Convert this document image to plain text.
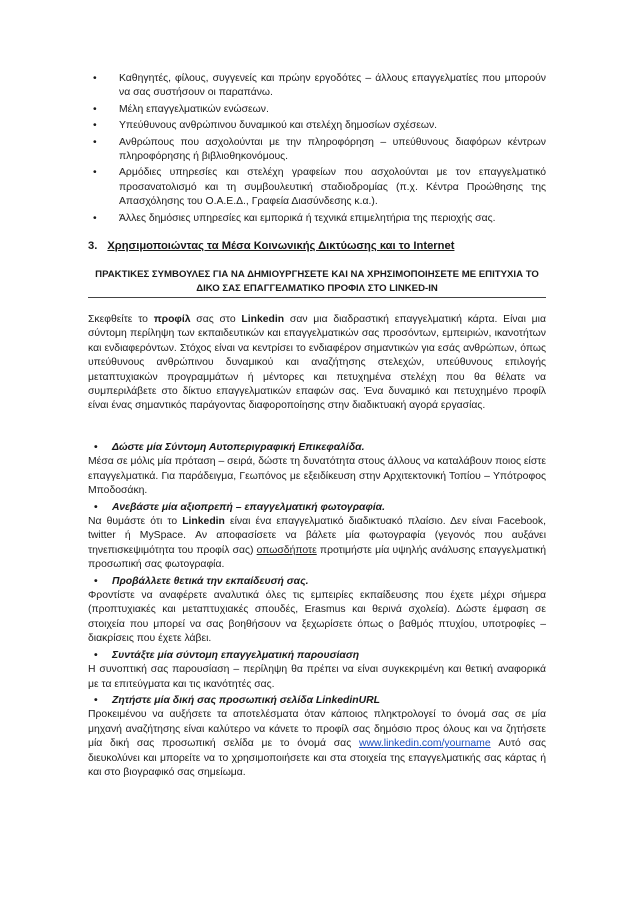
• Καθηγητές, φίλους, συγγενείς και πρώην εργοδότες – άλλους επαγγελματίες που μπορούν να σας συστήσουν οι παραπάνω.
• Μέλη επαγγελματικών ενώσεων.
• Υπεύθυνους ανθρώπινου δυναμικού και στελέχη δημοσίων σχέσεων.
• Ανθρώπους που ασχολούνται με την πληροφόρηση – υπεύθυνους διαφόρων κέντρων πληροφόρησης ή βιβλιοθηκονόμους.
• Αρμόδιες υπηρεσίες και στελέχη γραφείων που ασχολούνται με τον επαγγελματικό προσανατολισμό και τη συμβουλευτική σταδιοδρομίας (π.χ. Κέντρα Προώθησης της Απασχόλησης του Ο.Α.Ε.Δ., Γραφεία Διασύνδεσης κ.α.).
• Άλλες δημόσιες υπηρεσίες και εμπορικά ή τεχνικά επιμελητήρια της περιοχής σας.
3. Χρησιμοποιώντας τα Μέσα Κοινωνικής Δικτύωσης και το Internet
ΠΡΑΚΤΙΚΕΣ ΣΥΜΒΟΥΛΕΣ ΓΙΑ ΝΑ ΔΗΜΙΟΥΡΓΗΣΕΤΕ ΚΑΙ ΝΑ ΧΡΗΣΙΜΟΠΟΙΗΣΕΤΕ ΜΕ ΕΠΙΤΥΧΙΑ ΤΟ ΔΙΚΟ ΣΑΣ ΕΠΑΓΓΕΛΜΑΤΙΚΟ ΠΡΟΦΙΛ ΣΤΟ LINKED-IN
Σκεφθείτε το προφίλ σας στο Linkedin σαν μια διαδραστική επαγγελματική κάρτα. Είναι μια σύντομη περίληψη των εκπαιδευτικών και επαγγελματικών σας προσόντων, εμπειριών, ικανοτήτων και ενδιαφερόντων. Στόχος είναι να κεντρίσει το ενδιαφέρον σημαντικών για εσάς ανθρώπων, όπως υπεύθυνους ανθρώπινου δυναμικού και αναζήτησης στελεχών, υπεύθυνους επιλογής μεταπτυχιακών προγραμμάτων ή μέντορες και πετυχημένα στελέχη που θα θέλατε να συμπεριλάβετε στο δίκτυο επαγγελματικών επαφών σας. Ένα δυναμικό και πετυχημένο προφίλ είναι ένας σημαντικός παράγοντας διαφοροποίησης στην διαδικτυακή αγορά εργασίας.
• Δώστε μία Σύντομη Αυτοπεριγραφική Επικεφαλίδα.
Μέσα σε μόλις μία πρόταση – σειρά, δώστε τη δυνατότητα στους άλλους να καταλάβουν ποιος είστε επαγγελματικά. Για παράδειγμα, Γεωπόνος με εξειδίκευση στην Αρχιτεκτονική Τοπίου – Υπότροφος Μποδοσάκη.
• Ανεβάστε μία αξιοπρεπή – επαγγελματική φωτογραφία.
Να θυμάστε ότι το Linkedin είναι ένα επαγγελματικό διαδικτυακό πλαίσιο. Δεν είναι Facebook, twitter ή MySpace. Αν αποφασίσετε να βάλετε μία φωτογραφία (γεγονός που αυξάνει τηνεπισκεψιμότητα του προφίλ σας) οπωσδήποτε προτιμήστε μία υψηλής ανάλυσης επαγγελματική προσωπική σας φωτογραφία.
• Προβάλλετε θετικά την εκπαίδευσή σας.
Φροντίστε να αναφέρετε αναλυτικά όλες τις εμπειρίες εκπαίδευσης που έχετε μέχρι σήμερα (προπτυχιακές και μεταπτυχιακές σπουδές, Erasmus και θερινά σχολεία). Δώστε έμφαση σε στοιχεία που μπορεί να σας βοηθήσουν να ξεχωρίσετε όπως ο βαθμός πτυχίου, υποτροφίες – διακρίσεις που έχετε λάβει.
• Συντάξτε μία σύντομη επαγγελματική παρουσίαση
Η συνοπτική σας παρουσίαση – περίληψη θα πρέπει να είναι συγκεκριμένη και θετική αναφορικά με τα επιτεύγματα και τις ικανότητές σας.
• Ζητήστε μία δική σας προσωπική σελίδα LinkedinURL
Προκειμένου να αυξήσετε τα αποτελέσματα όταν κάποιος πληκτρολογεί το όνομά σας σε μία μηχανή αναζήτησης είναι καλύτερο να κάνετε το προφίλ σας δημόσιο προς όλους και να ζητήσετε μία δική σας προσωπική σελίδα με το όνομά σας www.linkedin.com/yourname Αυτό σας διευκολύνει και μπορείτε να το χρησιμοποιήσετε και στα στοιχεία της επαγγελματικής σας κάρτας ή και στο βιογραφικό σας σημείωμα.
